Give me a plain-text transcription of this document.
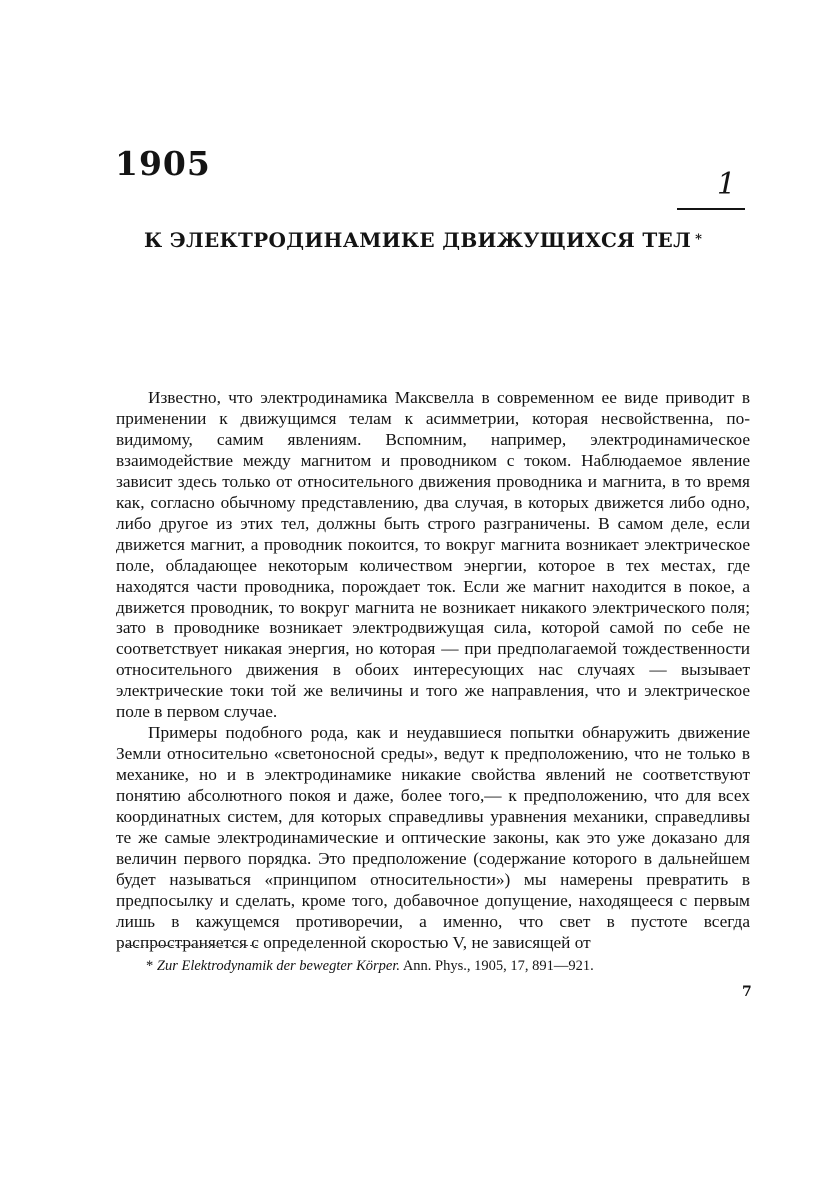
1905
1
К ЭЛЕКТРОДИНАМИКЕ ДВИЖУЩИХСЯ ТЕЛ *

Известно, что электродинамика Максвелла в современном ее виде приводит в применении к движущимся телам к асимметрии, которая несвойственна, по-видимому, самим явлениям. Вспомним, например, электродинамическое взаимодействие между магнитом и проводником с током. Наблюдаемое явление зависит здесь только от относительного движения проводника и магнита, в то время как, согласно обычному представлению, два случая, в которых движется либо одно, либо другое из этих тел, должны быть строго разграничены. В самом деле, если движется магнит, а проводник покоится, то вокруг магнита возникает электрическое поле, обладающее некоторым количеством энергии, которое в тех местах, где находятся части проводника, порождает ток. Если же магнит находится в покое, а движется проводник, то вокруг магнита не возникает никакого электрического поля; зато в проводнике возникает электродвижущая сила, которой самой по себе не соответствует никакая энергия, но которая — при предполагаемой тождественности относительного движения в обоих интересующих нас случаях — вызывает электрические токи той же величины и того же направления, что и электрическое поле в первом случае.

Примеры подобного рода, как и неудавшиеся попытки обнаружить движение Земли относительно «светоносной среды», ведут к предположению, что не только в механике, но и в электродинамике никакие свойства явлений не соответствуют понятию абсолютного покоя и даже, более того,— к предположению, что для всех координатных систем, для которых справедливы уравнения механики, справедливы те же самые электродинамические и оптические законы, как это уже доказано для величин первого порядка. Это предположение (содержание которого в дальнейшем будет называться «принципом относительности») мы намерены превратить в предпосылку и сделать, кроме того, добавочное допущение, находящееся с первым лишь в кажущемся противоречии, а именно, что свет в пустоте всегда распространяется с определенной скоростью V, не зависящей от

* Zur Elektrodynamik der bewegter Körper. Ann. Phys., 1905, 17, 891—921.
7
